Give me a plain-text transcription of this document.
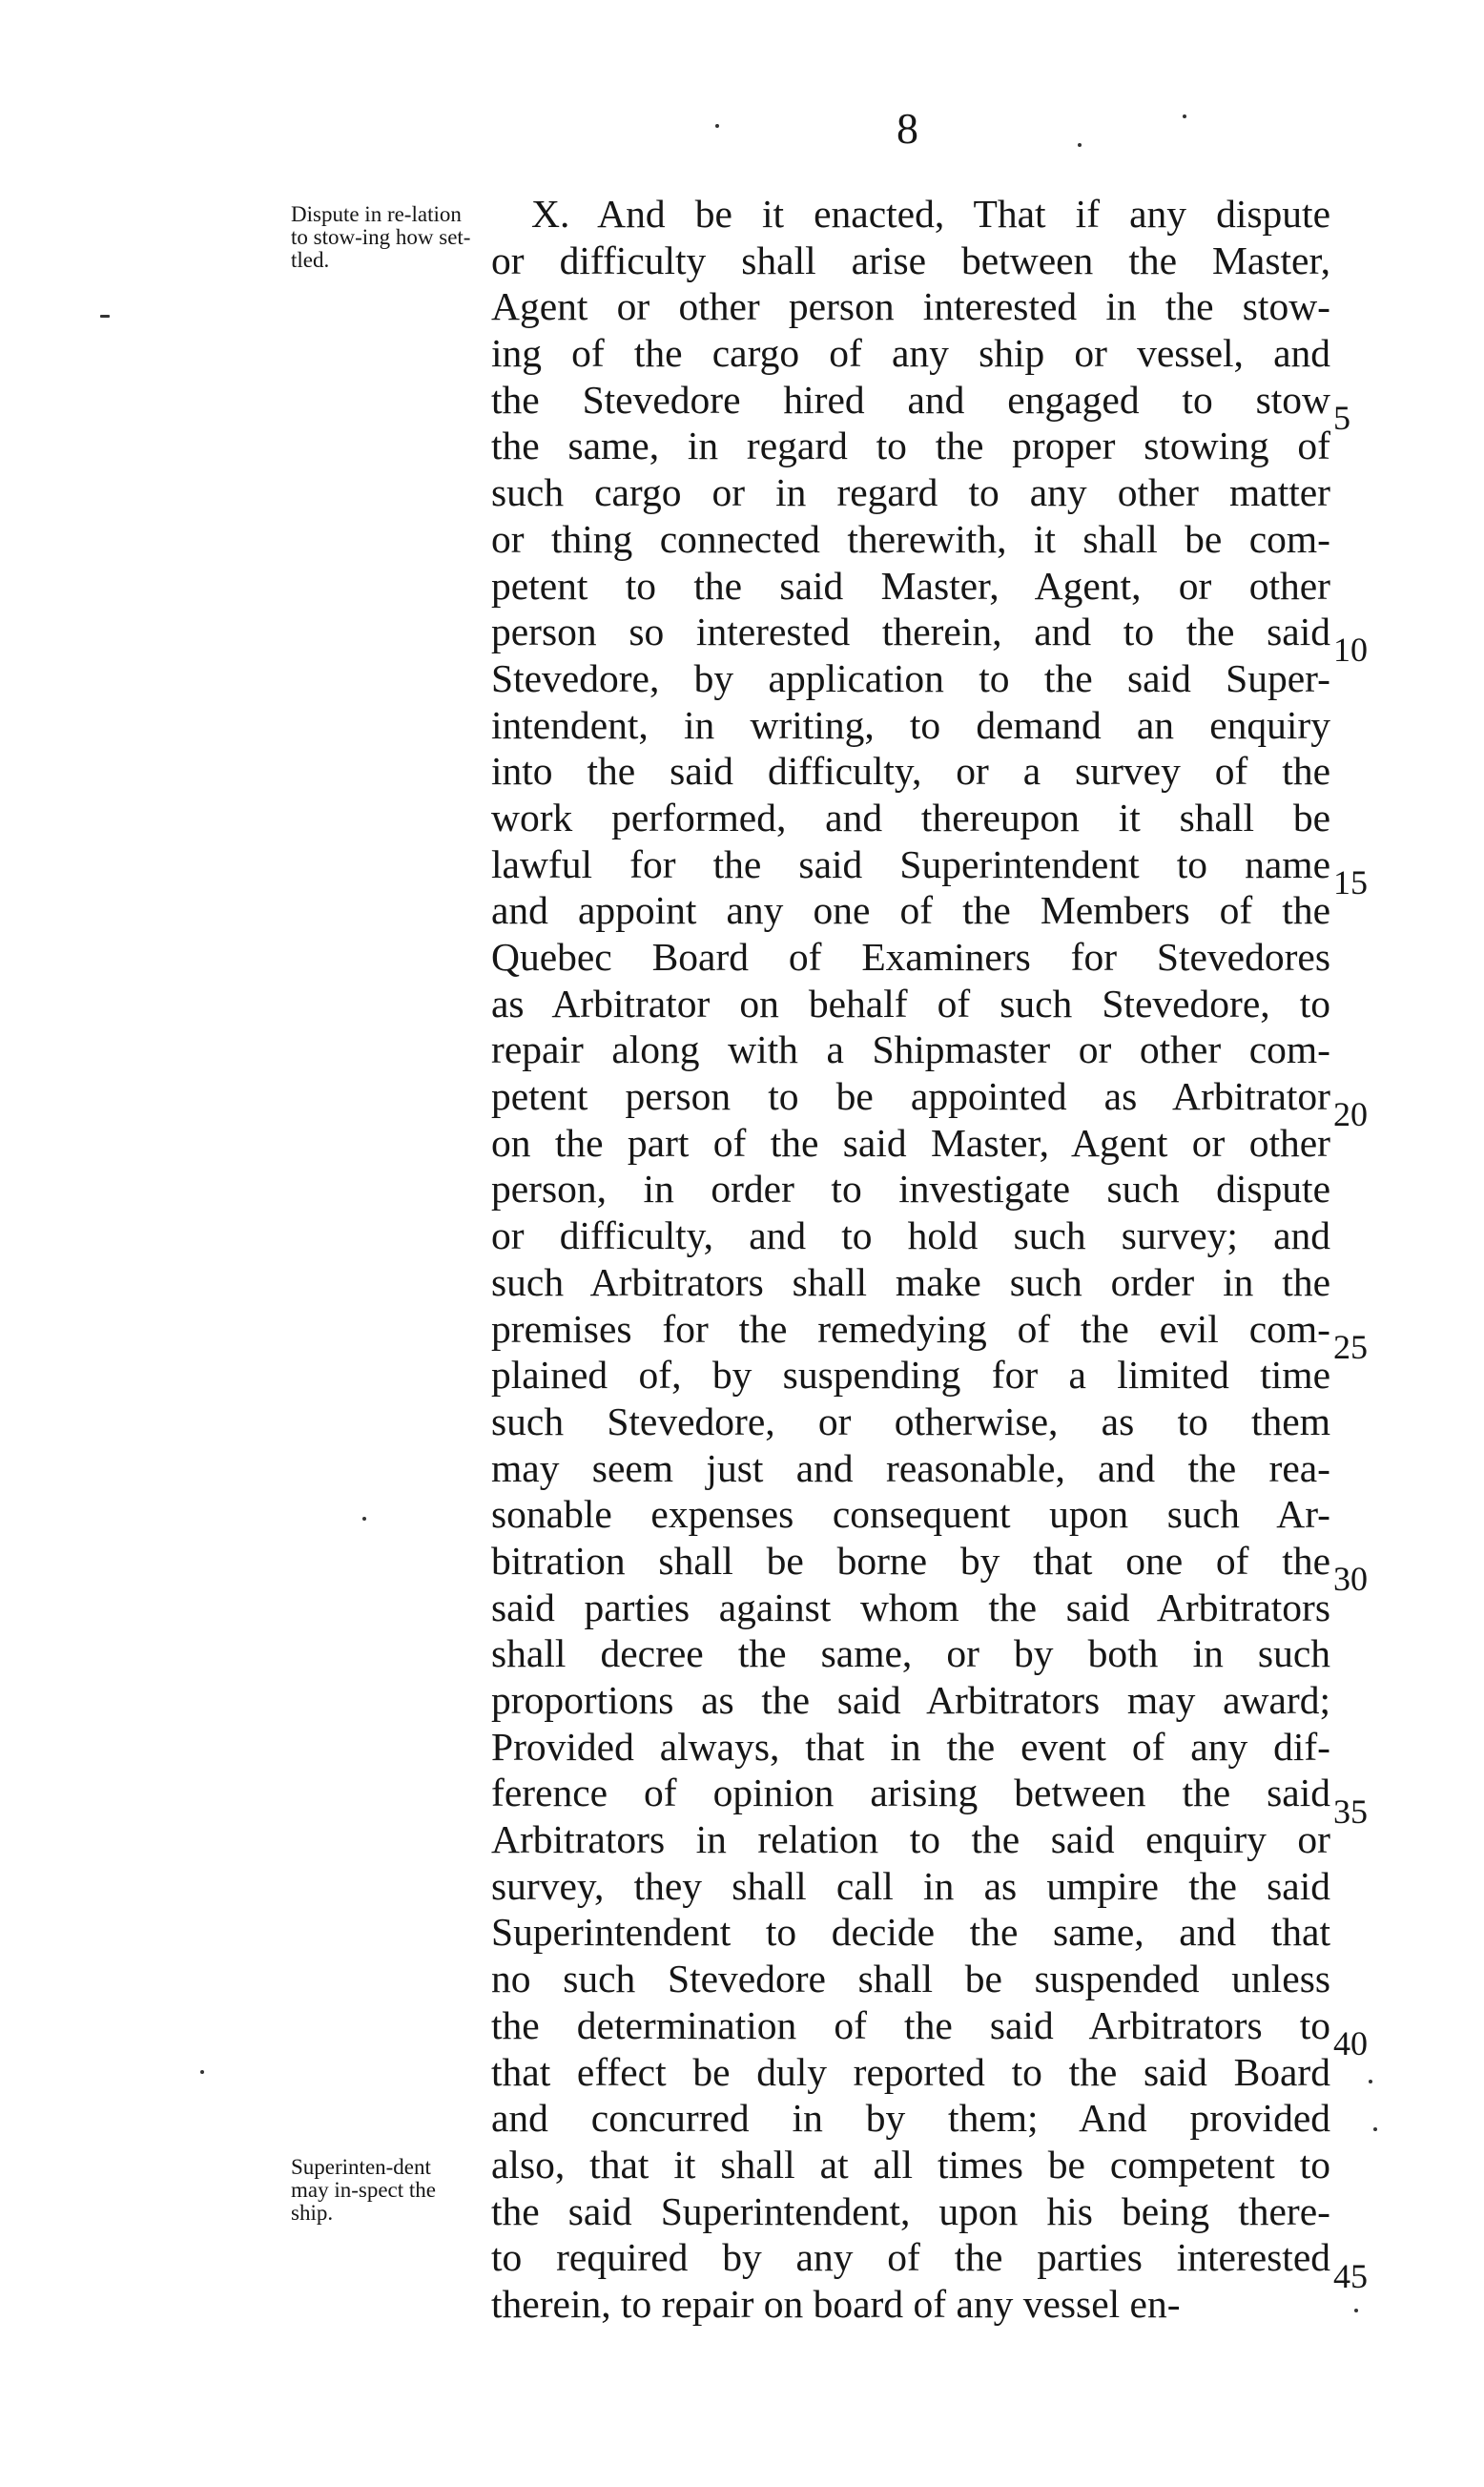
8
Dispute in re-lation to stow-ing how set-tled.
Superinten-dent may in-spect the ship.
X. And be it enacted, That if any dispute
or difficulty shall arise between the Master,
Agent or other person interested in the stow-
ing of the cargo of any ship or vessel, and
the Stevedore hired and engaged to stow
the same, in regard to the proper stowing of
such cargo or in regard to any other matter
or thing connected therewith, it shall be com-
petent to the said Master, Agent, or other
person so interested therein, and to the said
Stevedore, by application to the said Super-
intendent, in writing, to demand an enquiry
into the said difficulty, or a survey of the
work performed, and thereupon it shall be
lawful for the said Superintendent to name
and appoint any one of the Members of the
Quebec Board of Examiners for Stevedores
as Arbitrator on behalf of such Stevedore, to
repair along with a Shipmaster or other com-
petent person to be appointed as Arbitrator
on the part of the said Master, Agent or other
person, in order to investigate such dispute
or difficulty, and to hold such survey; and
such Arbitrators shall make such order in the
premises for the remedying of the evil com-
plained of, by suspending for a limited time
such Stevedore, or otherwise, as to them
may seem just and reasonable, and the rea-
sonable expenses consequent upon such Ar-
bitration shall be borne by that one of the
said parties against whom the said Arbitrators
shall decree the same, or by both in such
proportions as the said Arbitrators may award;
Provided always, that in the event of any dif-
ference of opinion arising between the said
Arbitrators in relation to the said enquiry or
survey, they shall call in as umpire the said
Superintendent to decide the same, and that
no such Stevedore shall be suspended unless
the determination of the said Arbitrators to
that effect be duly reported to the said Board
and concurred in by them; And provided
also, that it shall at all times be competent to
the said Superintendent, upon his being there-
to required by any of the parties interested
therein, to repair on board of any vessel en-
5
10
15
20
25
30
35
40
45
